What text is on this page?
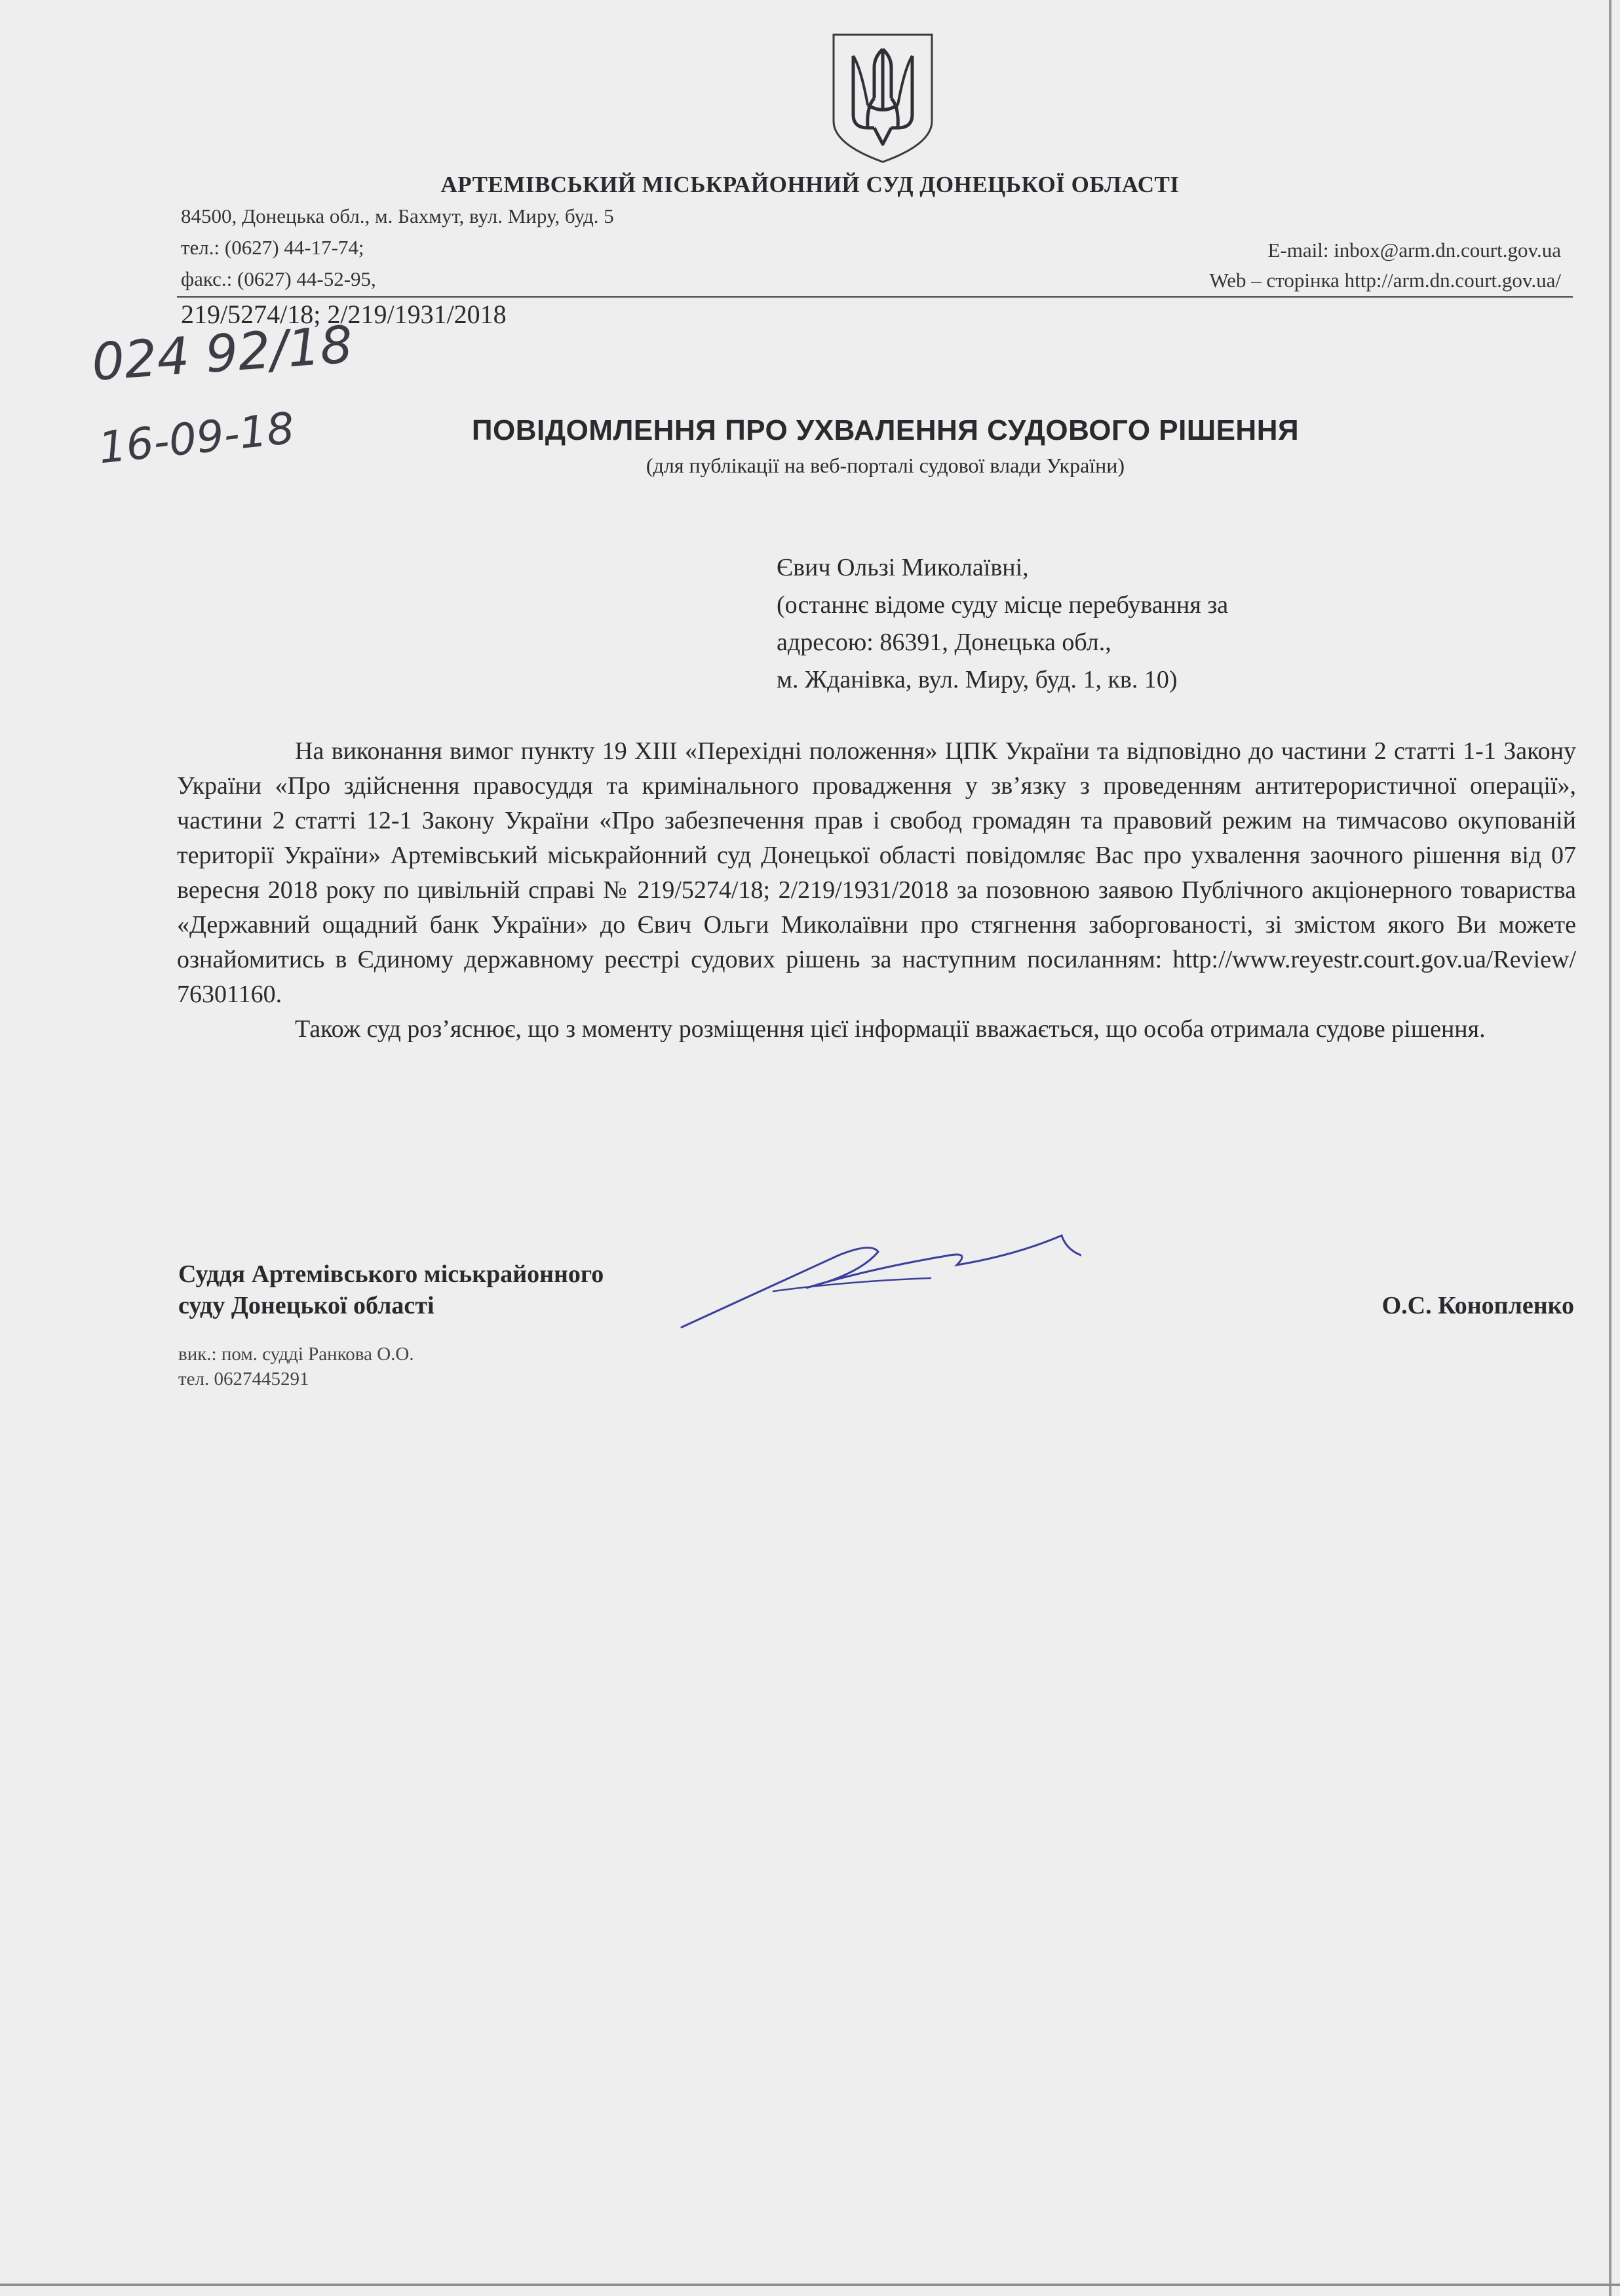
АРТЕМІВСЬКИЙ МІСЬКРАЙОННИЙ СУД ДОНЕЦЬКОЇ ОБЛАСТІ
84500, Донецька обл., м. Бахмут, вул. Миру, буд. 5
тел.: (0627) 44-17-74;
факс.: (0627) 44-52-95,
E-mail: inbox@arm.dn.court.gov.ua
Web – сторінка http://arm.dn.court.gov.ua/
219/5274/18; 2/219/1931/2018
024 92/18
16-09-18	ПОВІДОМЛЕННЯ ПРО УХВАЛЕННЯ СУДОВОГО РІШЕННЯ
(для публікації на веб-порталі судової влади України)
Євич Ользі Миколаївні,
(останнє відоме суду місце перебування за
адресою: 86391, Донецька обл.,
м. Жданівка, вул. Миру, буд. 1, кв. 10)

На виконання вимог пункту 19 XIII «Перехідні положення» ЦПК України та відповідно до частини 2 статті 1-1 Закону України «Про здійснення правосуддя та кримінального провадження у зв’язку з проведенням антитерористичної операції», частини 2 статті 12-1 Закону України «Про забезпечення прав і свобод громадян та правовий режим на тимчасово окупованій території України» Артемівський міськрайонний суд Донецької області повідомляє Вас про ухвалення заочного рішення від 07 вересня 2018 року по цивільній справі № 219/5274/18; 2/219/1931/2018 за позовною заявою Публічного акціонерного товариства «Державний ощадний банк України» до Євич Ольги Миколаївни про стягнення заборгованості, зі змістом якого Ви можете ознайомитись в Єдиному державному реєстрі судових рішень за наступним посиланням: http://www.reyestr.court.gov.ua/Review/ 76301160.

Також суд роз’яснює, що з моменту розміщення цієї інформації вважається, що особа отримала судове рішення.

Суддя Артемівського міськрайонного
суду Донецької області
вик.: пом. судді Ранкова О.О.
тел. 0627445291
О.С. Конопленко
